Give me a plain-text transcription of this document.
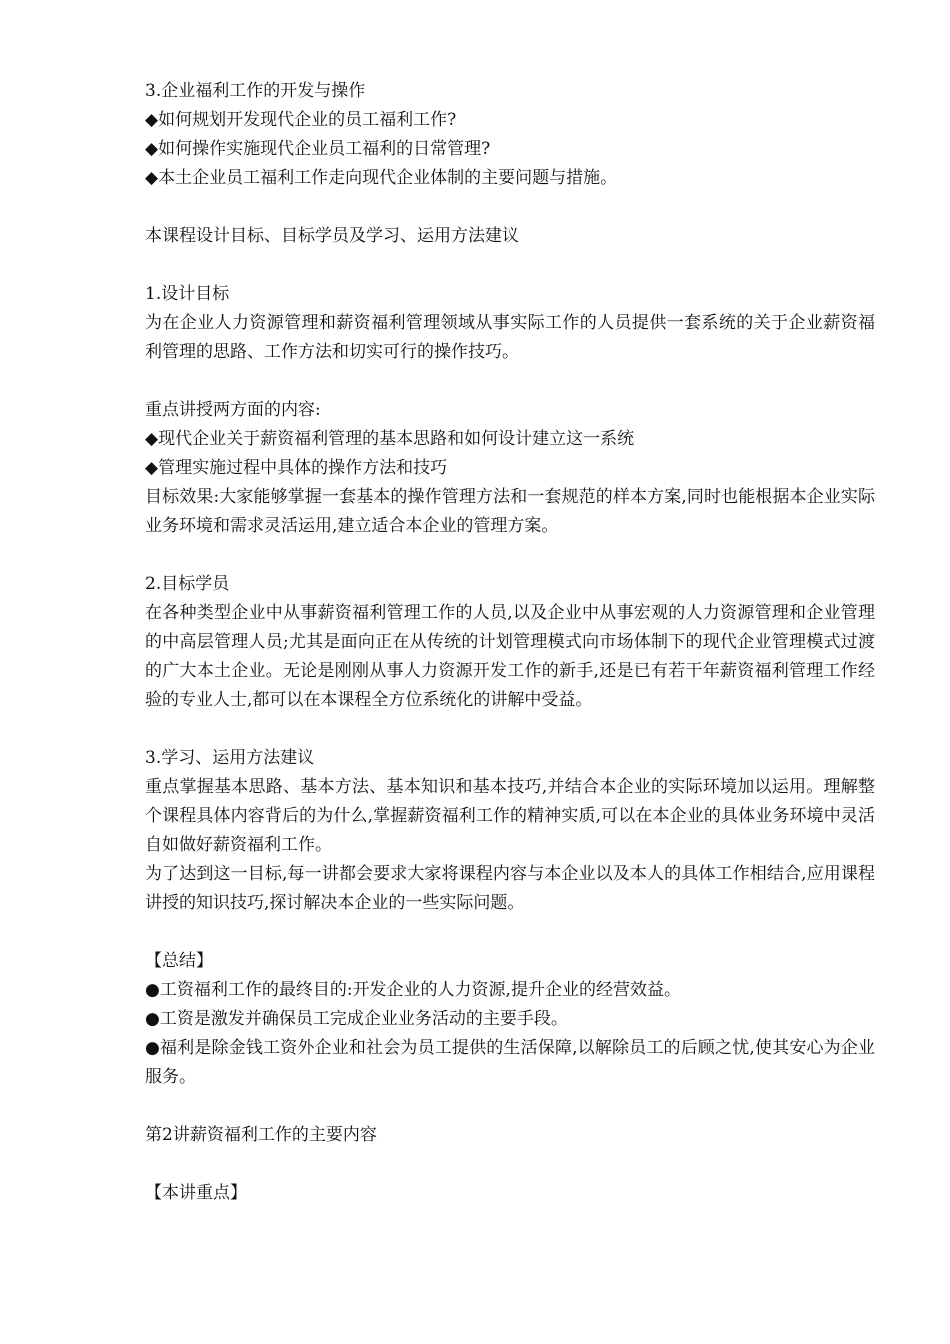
3.企业福利工作的开发与操作
◆如何规划开发现代企业的员工福利工作?
◆如何操作实施现代企业员工福利的日常管理?
◆本土企业员工福利工作走向现代企业体制的主要问题与措施。
本课程设计目标、目标学员及学习、运用方法建议
1.设计目标
为在企业人力资源管理和薪资福利管理领域从事实际工作的人员提供一套系统的关于企业薪资福利管理的思路、工作方法和切实可行的操作技巧。
重点讲授两方面的内容:
◆现代企业关于薪资福利管理的基本思路和如何设计建立这一系统
◆管理实施过程中具体的操作方法和技巧
目标效果:大家能够掌握一套基本的操作管理方法和一套规范的样本方案,同时也能根据本企业实际业务环境和需求灵活运用,建立适合本企业的管理方案。
2.目标学员
在各种类型企业中从事薪资福利管理工作的人员,以及企业中从事宏观的人力资源管理和企业管理的中高层管理人员;尤其是面向正在从传统的计划管理模式向市场体制下的现代企业管理模式过渡的广大本土企业。无论是刚刚从事人力资源开发工作的新手,还是已有若干年薪资福利管理工作经验的专业人士,都可以在本课程全方位系统化的讲解中受益。
3.学习、运用方法建议
重点掌握基本思路、基本方法、基本知识和基本技巧,并结合本企业的实际环境加以运用。理解整个课程具体内容背后的为什么,掌握薪资福利工作的精神实质,可以在本企业的具体业务环境中灵活自如做好薪资福利工作。
为了达到这一目标,每一讲都会要求大家将课程内容与本企业以及本人的具体工作相结合,应用课程讲授的知识技巧,探讨解决本企业的一些实际问题。
【总结】
●工资福利工作的最终目的:开发企业的人力资源,提升企业的经营效益。
●工资是激发并确保员工完成企业业务活动的主要手段。
●福利是除金钱工资外企业和社会为员工提供的生活保障,以解除员工的后顾之忧,使其安心为企业服务。
第2讲薪资福利工作的主要内容
【本讲重点】
